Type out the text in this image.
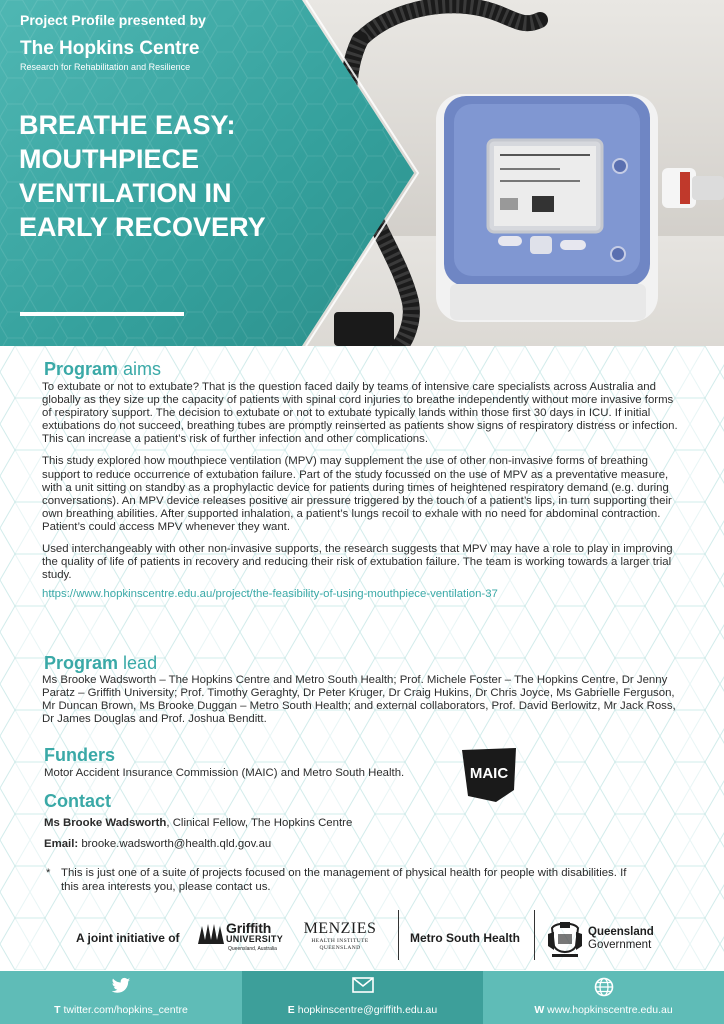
Project Profile presented by
The Hopkins Centre
Research for Rehabilitation and Resilience
BREATHE EASY:
MOUTHPIECE
VENTILATION IN
EARLY RECOVERY
Program aims

To extubate or not to extubate? That is the question faced daily by teams of intensive care specialists across Australia and globally as they size up the capacity of patients with spinal cord injuries to breathe independently without more invasive forms of respiratory support. The decision to extubate or not to extubate typically lands within those first 30 days in ICU. If initial extubations do not succeed, breathing tubes are promptly reinserted as patients show signs of respiratory distress or infection. This can increase a patient’s risk of further infection and other complications.

This study explored how mouthpiece ventilation (MPV) may supplement the use of other non-invasive forms of breathing support to reduce occurrence of extubation failure. Part of the study focussed on the use of MPV as a preventative measure, with a unit sitting on standby as a prophylactic device for patients during times of heightened respiratory demand (e.g. during conversations). An MPV device releases positive air pressure triggered by the touch of a patient’s lips, in turn supporting their own breathing abilities. After supported inhalation, a patient’s lungs recoil to exhale with no need for abdominal contraction. Patient’s could access MPV whenever they want.

Used interchangeably with other non-invasive supports, the research suggests that MPV may have a role to play in improving the quality of life of patients in recovery and reducing their risk of extubation failure. The team is working towards a larger trial study.

https://www.hopkinscentre.edu.au/project/the-feasibility-of-using-mouthpiece-ventilation-37
Program lead

Ms Brooke Wadsworth – The Hopkins Centre and Metro South Health; Prof. Michele Foster – The Hopkins Centre, Dr Jenny Paratz – Griffith University; Prof. Timothy Geraghty, Dr Peter Kruger, Dr Craig Hukins, Dr Chris Joyce, Ms Gabrielle Ferguson, Mr Duncan Brown, Ms Brooke Duggan – Metro South Health; and external collaborators, Prof. David Berlowitz, Mr Jack Ross, Dr James Douglas and Prof. Joshua Benditt.

Funders

Motor Accident Insurance Commission (MAIC) and Metro South Health.	MAIC
Contact
Ms Brooke Wadsworth, Clinical Fellow, The Hopkins Centre
Email: brooke.wadsworth@health.qld.gov.au
* This is just one of a suite of projects focused on the management of physical health for people with disabilities. If this area interests you, please contact us.
A joint initiative of
Griffith
UNIVERSITY
Queensland, Australia
MENZIES
HEALTH INSTITUTE
QUEENSLAND
Metro South Health	Queensland
Government
T twitter.com/hopkins_centre	E hopkinscentre@griffith.edu.au	W www.hopkinscentre.edu.au
